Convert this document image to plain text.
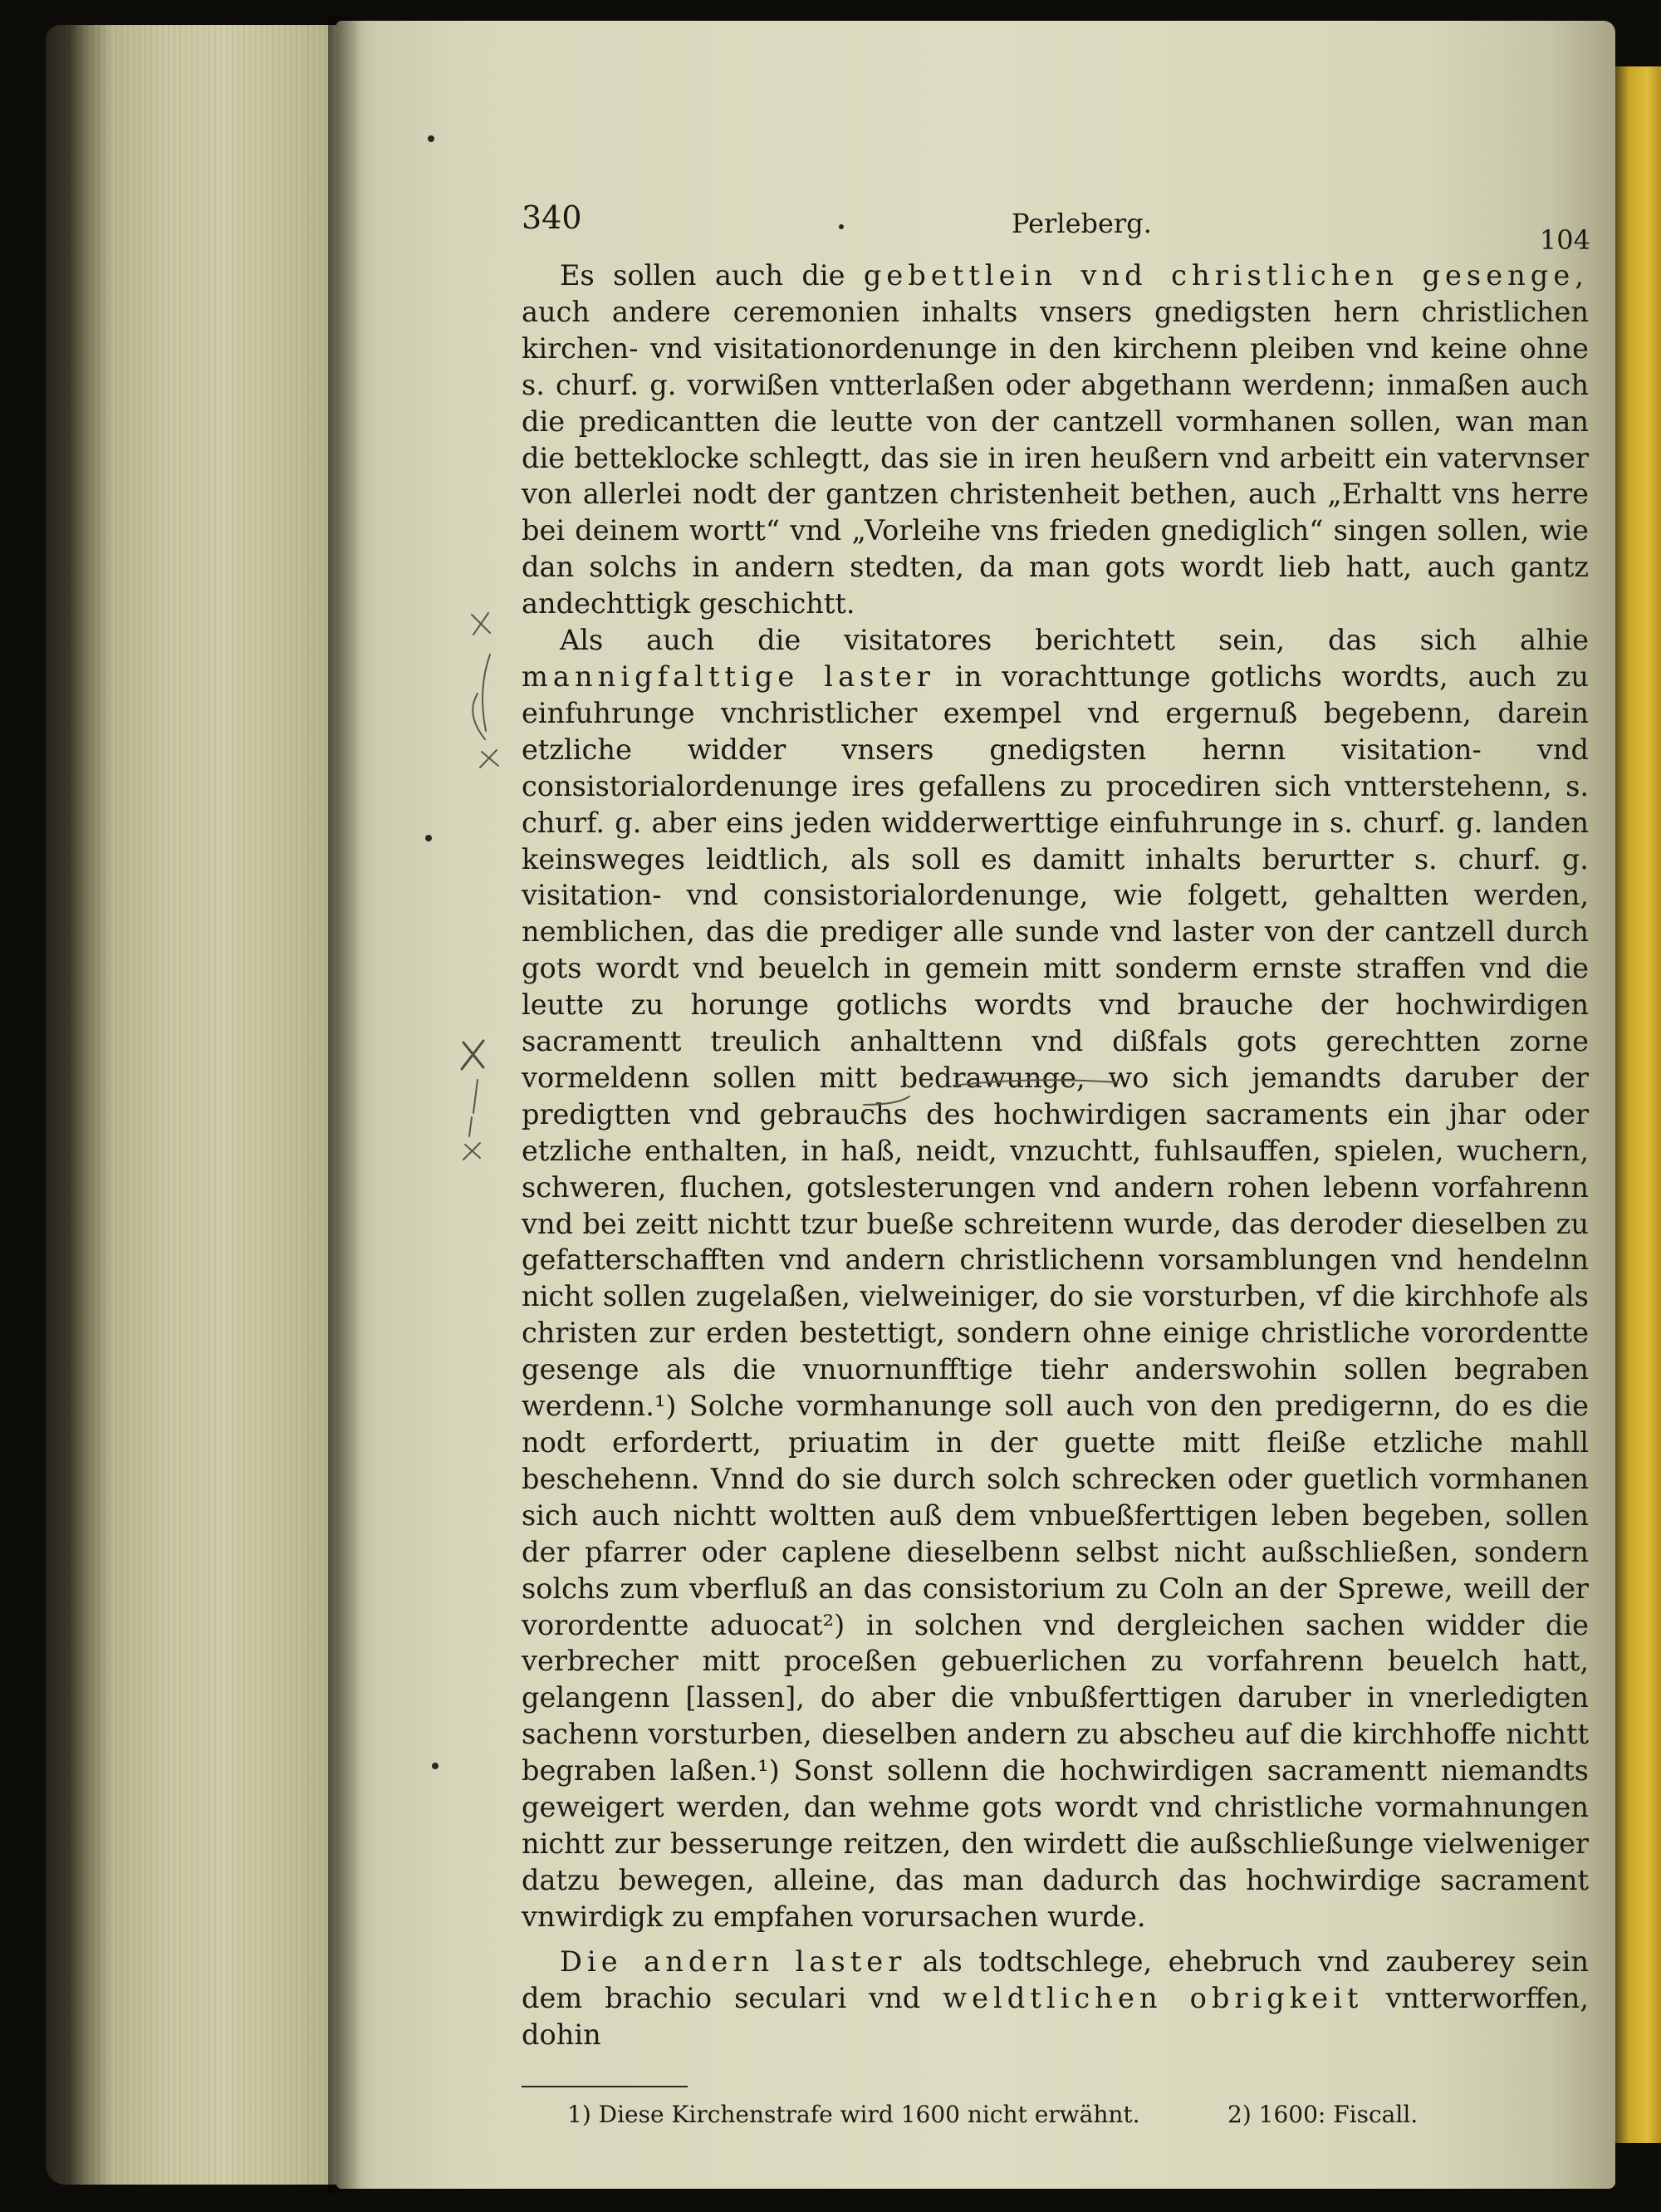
340	Perleberg.
104

Es sollen auch die gebettlein vnd christlichen gesenge, auch andere ceremonien inhalts vnsers gnedigsten hern christlichen kirchen- vnd visitationordenunge in den kirchenn pleiben vnd keine ohne s. churf. g. vorwißen vntterlaßen oder abgethann werdenn; inmaßen auch die predicantten die leutte von der cantzell vormhanen sollen, wan man die betteklocke schlegtt, das sie in iren heußern vnd arbeitt ein vatervnser von allerlei nodt der gantzen christenheit bethen, auch „Erhaltt vns herre bei deinem wortt“ vnd „Vorleihe vns frieden gnediglich“ singen sollen, wie dan solchs in andern stedten, da man gots wordt lieb hatt, auch gantz andechttigk geschichtt.

Als auch die visitatores berichtett sein, das sich alhie mannigfalttige laster in vorachttunge gotlichs wordts, auch zu einfuhrunge vnchristlicher exempel vnd ergernuß begebenn, darein etzliche widder vnsers gnedigsten hernn visitation- vnd consistorialordenunge ires gefallens zu procediren sich vntterstehenn, s. churf. g. aber eins jeden widderwerttige einfuhrunge in s. churf. g. landen keinsweges leidtlich, als soll es damitt inhalts berurtter s. churf. g. visitation- vnd consistorialordenunge, wie folgett, gehaltten werden, nemblichen, das die prediger alle sunde vnd laster von der cantzell durch gots wordt vnd beuelch in gemein mitt sonderm ernste straffen vnd die leutte zu horunge gotlichs wordts vnd brauche der hochwirdigen sacramentt treulich anhalttenn vnd dißfals gots gerechtten zorne vormeldenn sollen mitt bedrawunge, wo sich jemandts daruber der predigtten vnd gebrauchs des hochwirdigen sacraments ein jhar oder etzliche enthalten, in haß, neidt, vnzuchtt, fuhlsauffen, spielen, wuchern, schweren, fluchen, gotslesterungen vnd andern rohen lebenn vorfahrenn vnd bei zeitt nichtt tzur bueße schreitenn wurde, das deroder dieselben zu gefatterschafften vnd andern christlichenn vorsamblungen vnd hendelnn nicht sollen zugelaßen, vielweiniger, do sie vorsturben, vf die kirchhofe als christen zur erden bestettigt, sondern ohne einige christliche vorordentte gesenge als die vnuornunfftige tiehr anderswohin sollen begraben werdenn.¹) Solche vormhanunge soll auch von den predigernn, do es die nodt erfordertt, priuatim in der guette mitt fleiße etzliche mahll beschehenn. Vnnd do sie durch solch schrecken oder guetlich vormhanen sich auch nichtt woltten auß dem vnbueßferttigen leben begeben, sollen der pfarrer oder caplene dieselbenn selbst nicht außschließen, sondern solchs zum vberfluß an das consistorium zu Coln an der Sprewe, weill der vorordentte aduocat²) in solchen vnd dergleichen sachen widder die verbrecher mitt proceßen gebuerlichen zu vorfahrenn beuelch hatt, gelangenn [lassen], do aber die vnbußferttigen daruber in vnerledigten sachenn vorsturben, dieselben andern zu abscheu auf die kirchhoffe nichtt begraben laßen.¹) Sonst sollenn die hochwirdigen sacramentt niemandts geweigert werden, dan wehme gots wordt vnd christliche vormahnungen nichtt zur besserunge reitzen, den wirdett die außschließunge vielweniger datzu bewegen, alleine, das man dadurch das hochwirdige sacrament vnwirdigk zu empfahen vorursachen wurde.

Die andern laster als todtschlege, ehebruch vnd zauberey sein dem brachio seculari vnd weldtlichen obrigkeit vntterworffen, dohin

1) Diese Kirchenstrafe wird 1600 nicht erwähnt.	2) 1600: Fiscall.
